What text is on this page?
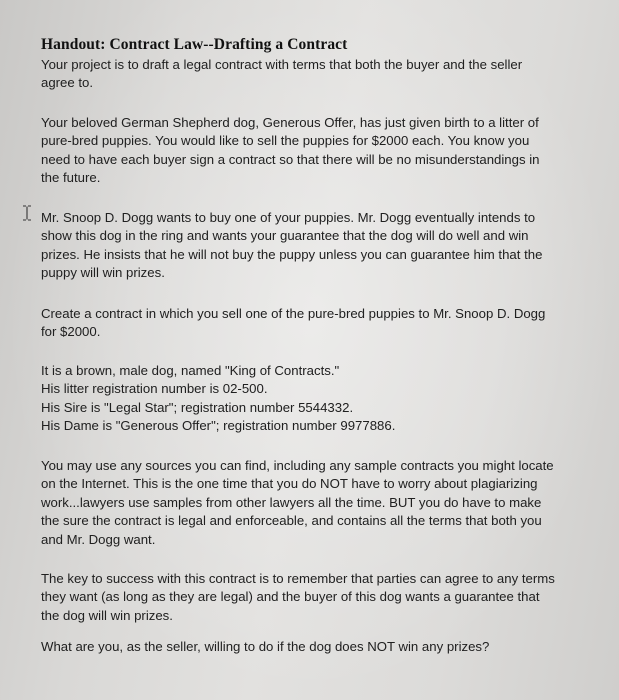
Handout: Contract Law--Drafting a Contract

Your project is to draft a legal contract with terms that both the buyer and the seller
agree to.

Your beloved German Shepherd dog, Generous Offer, has just given birth to a litter of
pure-bred puppies. You would like to sell the puppies for $2000 each. You know you
need to have each buyer sign a contract so that there will be no misunderstandings in
the future.

Mr. Snoop D. Dogg wants to buy one of your puppies. Mr. Dogg eventually intends to
show this dog in the ring and wants your guarantee that the dog will do well and win
prizes. He insists that he will not buy the puppy unless you can guarantee him that the
puppy will win prizes.

Create a contract in which you sell one of the pure-bred puppies to Mr. Snoop D. Dogg
for $2000.

It is a brown, male dog, named "King of Contracts."
His litter registration number is 02-500.
His Sire is "Legal Star"; registration number 5544332.
His Dame is "Generous Offer"; registration number 9977886.

You may use any sources you can find, including any sample contracts you might locate
on the Internet. This is the one time that you do NOT have to worry about plagiarizing
work...lawyers use samples from other lawyers all the time. BUT you do have to make
the sure the contract is legal and enforceable, and contains all the terms that both you
and Mr. Dogg want.

The key to success with this contract is to remember that parties can agree to any terms
they want (as long as they are legal) and the buyer of this dog wants a guarantee that
the dog will win prizes.

What are you, as the seller, willing to do if the dog does NOT win any prizes?
